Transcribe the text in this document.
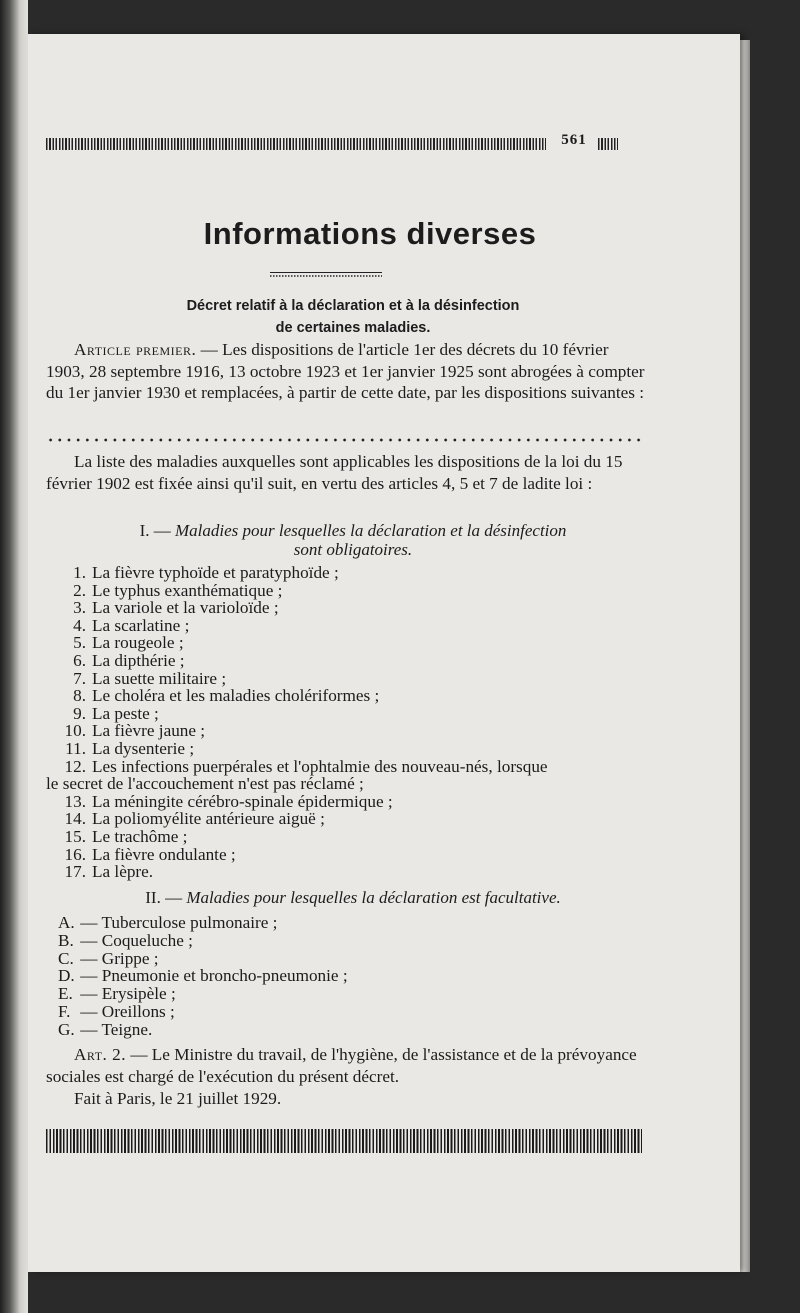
561
Informations diverses
Décret relatif à la déclaration et à la désinfection
de certaines maladies.
Article premier. — Les dispositions de l'article 1er des décrets du 10 février 1903, 28 septembre 1916, 13 octobre 1923 et 1er janvier 1925 sont abrogées à compter du 1er janvier 1930 et remplacées, à partir de cette date, par les dispositions suivantes :
La liste des maladies auxquelles sont applicables les dispositions de la loi du 15 février 1902 est fixée ainsi qu'il suit, en vertu des articles 4, 5 et 7 de ladite loi :
I. — Maladies pour lesquelles la déclaration et la désinfection
sont obligatoires.
1. La fièvre typhoïde et paratyphoïde ;
2. Le typhus exanthématique ;
3. La variole et la varioloïde ;
4. La scarlatine ;
5. La rougeole ;
6. La dipthérie ;
7. La suette militaire ;
8. Le choléra et les maladies cholériformes ;
9. La peste ;
10. La fièvre jaune ;
11. La dysenterie ;
12. Les infections puerpérales et l'ophtalmie des nouveau-nés, lorsque
le secret de l'accouchement n'est pas réclamé ;
13. La méningite cérébro-spinale épidermique ;
14. La poliomyélite antérieure aiguë ;
15. Le trachôme ;
16. La fièvre ondulante ;
17. La lèpre.
II. — Maladies pour lesquelles la déclaration est facultative.
A. — Tuberculose pulmonaire ;
B. — Coqueluche ;
C. — Grippe ;
D. — Pneumonie et broncho-pneumonie ;
E. — Erysipèle ;
F. — Oreillons ;
G. — Teigne.
Art. 2. — Le Ministre du travail, de l'hygiène, de l'assistance et de la prévoyance sociales est chargé de l'exécution du présent décret.
Fait à Paris, le 21 juillet 1929.
